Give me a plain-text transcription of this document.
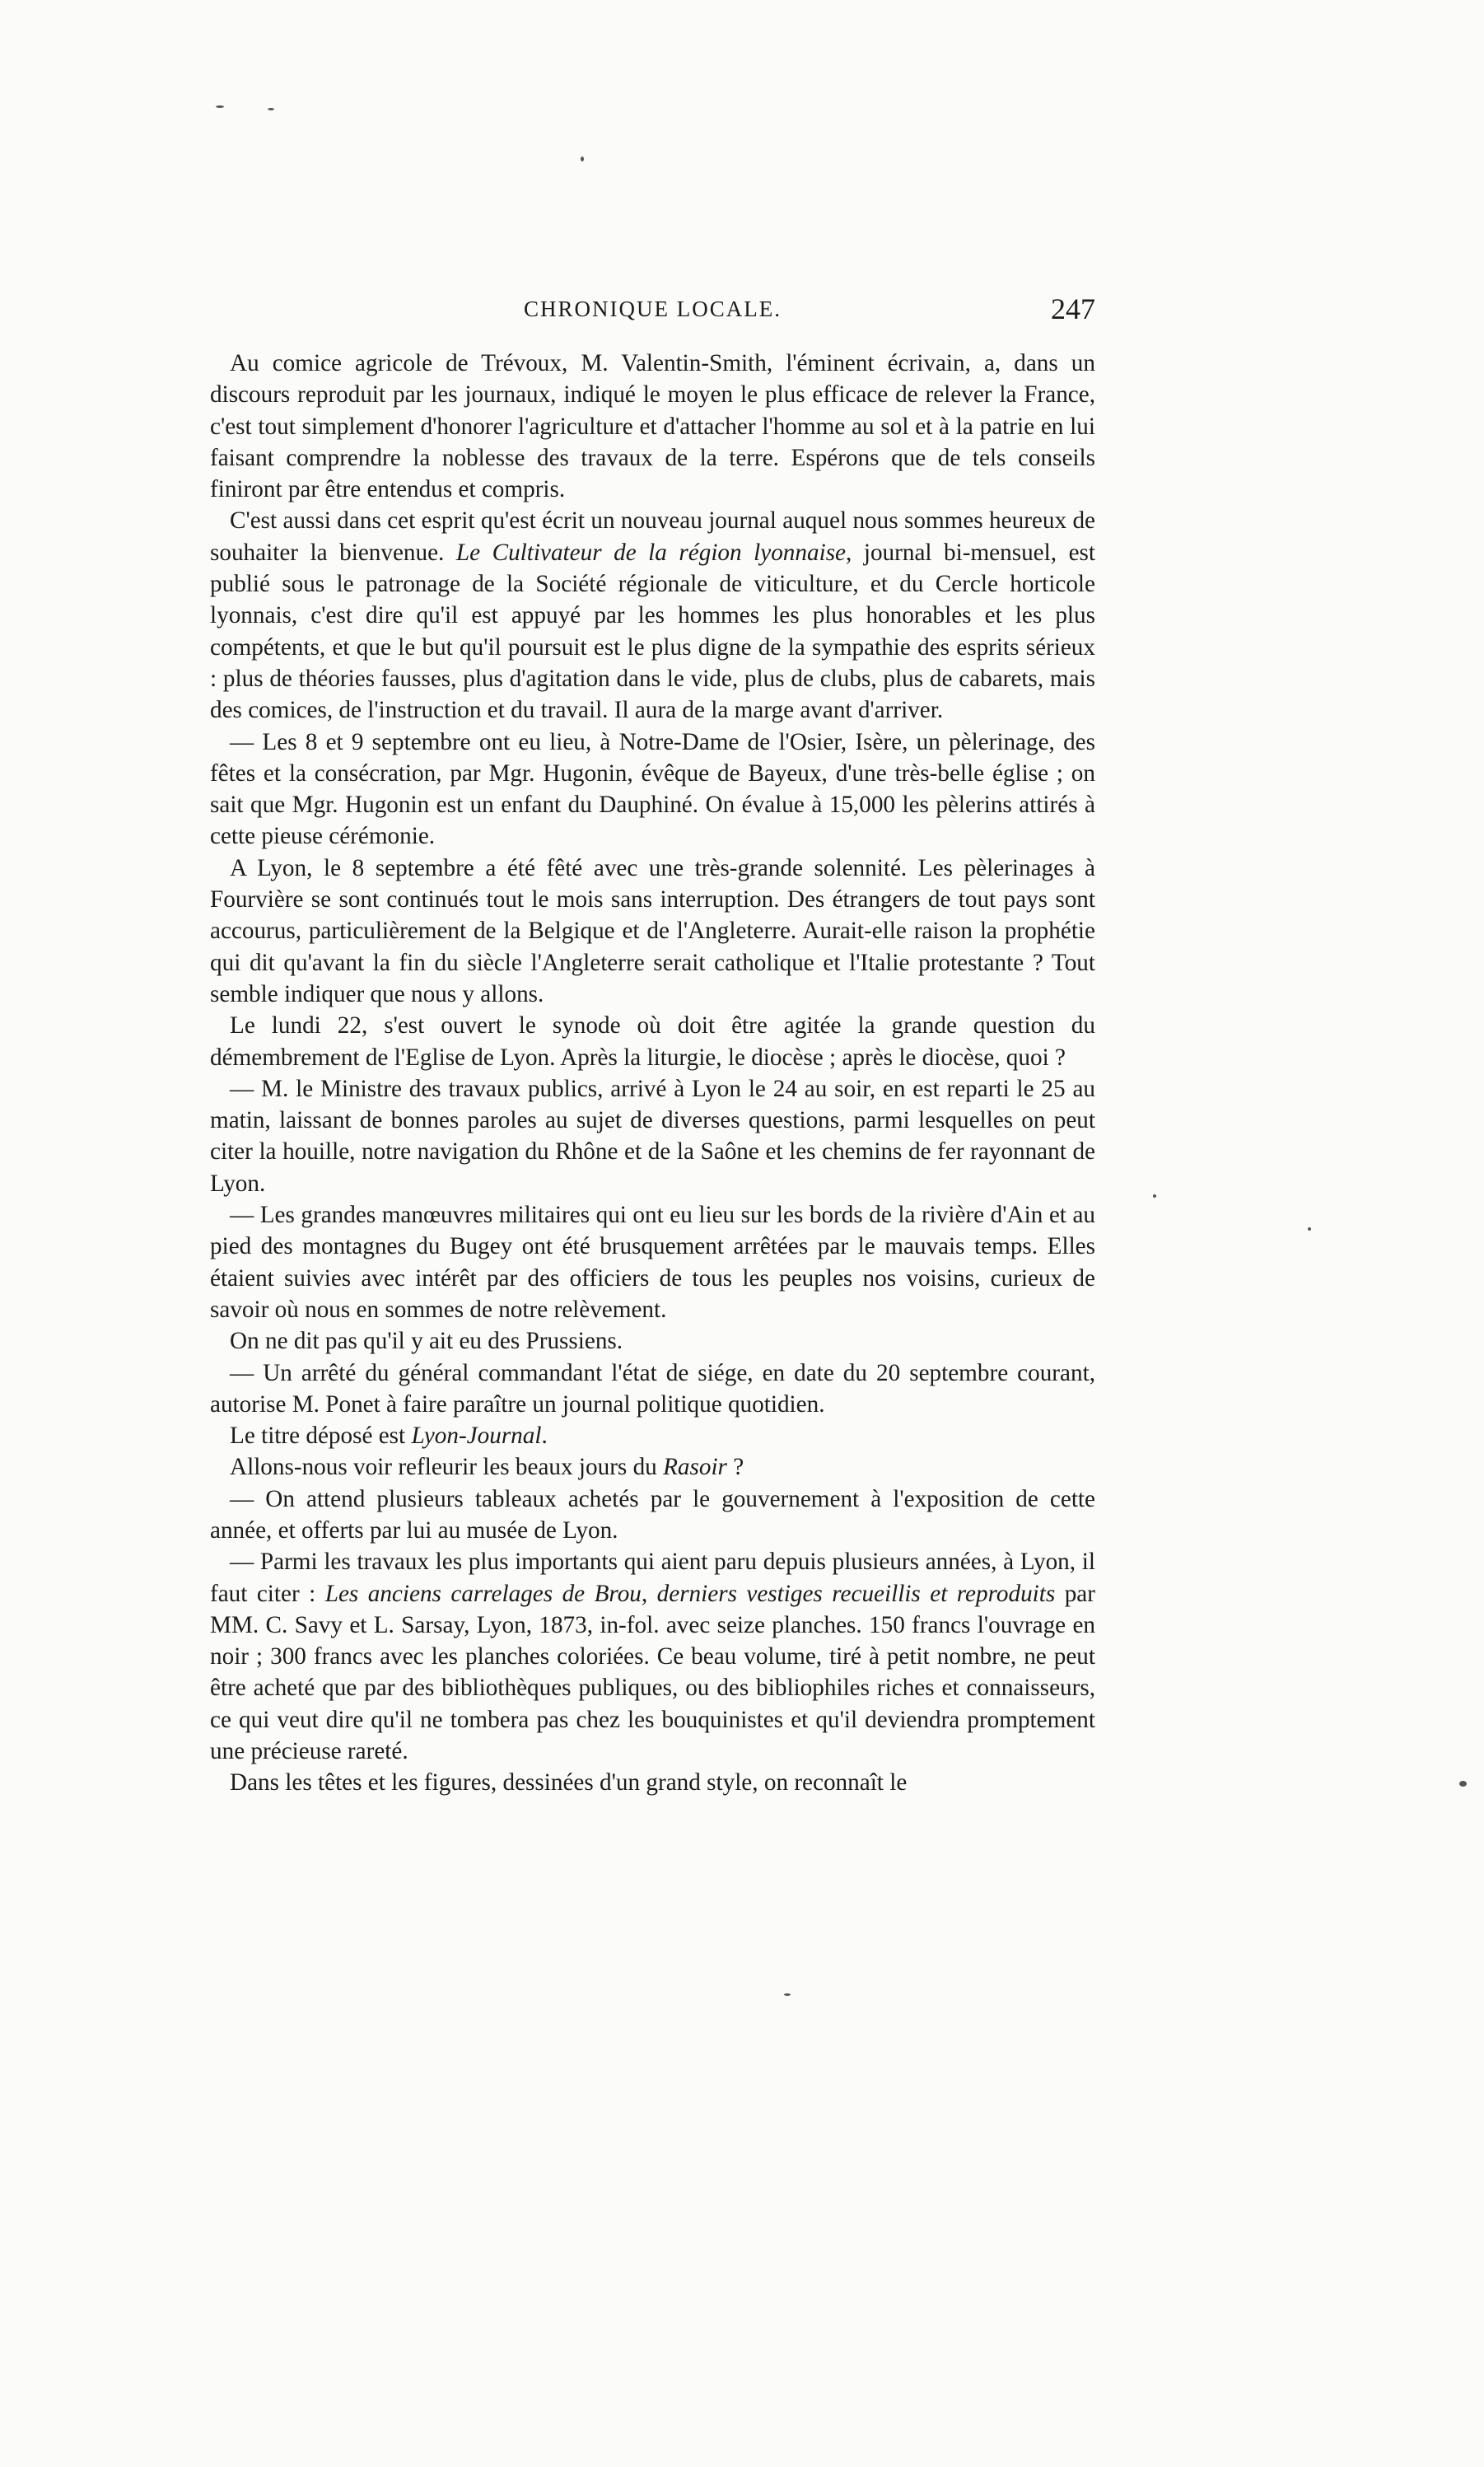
CHRONIQUE LOCALE.	247

Au comice agricole de Trévoux, M. Valentin-Smith, l'éminent écrivain, a, dans un discours reproduit par les journaux, indiqué le moyen le plus efficace de relever la France, c'est tout simplement d'honorer l'agriculture et d'attacher l'homme au sol et à la patrie en lui faisant comprendre la noblesse des travaux de la terre. Espérons que de tels conseils finiront par être entendus et compris.

C'est aussi dans cet esprit qu'est écrit un nouveau journal auquel nous sommes heureux de souhaiter la bienvenue. Le Cultivateur de la région lyonnaise, journal bi-mensuel, est publié sous le patronage de la Société régionale de viticulture, et du Cercle horticole lyonnais, c'est dire qu'il est appuyé par les hommes les plus honorables et les plus compétents, et que le but qu'il poursuit est le plus digne de la sympathie des esprits sérieux : plus de théories fausses, plus d'agitation dans le vide, plus de clubs, plus de cabarets, mais des comices, de l'instruction et du travail. Il aura de la marge avant d'arriver.

— Les 8 et 9 septembre ont eu lieu, à Notre-Dame de l'Osier, Isère, un pèlerinage, des fêtes et la consécration, par Mgr. Hugonin, évêque de Bayeux, d'une très-belle église ; on sait que Mgr. Hugonin est un enfant du Dauphiné. On évalue à 15,000 les pèlerins attirés à cette pieuse cérémonie.

A Lyon, le 8 septembre a été fêté avec une très-grande solennité. Les pèlerinages à Fourvière se sont continués tout le mois sans interruption. Des étrangers de tout pays sont accourus, particulièrement de la Belgique et de l'Angleterre. Aurait-elle raison la prophétie qui dit qu'avant la fin du siècle l'Angleterre serait catholique et l'Italie protestante ? Tout semble indiquer que nous y allons.

Le lundi 22, s'est ouvert le synode où doit être agitée la grande question du démembrement de l'Eglise de Lyon. Après la liturgie, le diocèse ; après le diocèse, quoi ?

— M. le Ministre des travaux publics, arrivé à Lyon le 24 au soir, en est reparti le 25 au matin, laissant de bonnes paroles au sujet de diverses questions, parmi lesquelles on peut citer la houille, notre navigation du Rhône et de la Saône et les chemins de fer rayonnant de Lyon.

— Les grandes manœuvres militaires qui ont eu lieu sur les bords de la rivière d'Ain et au pied des montagnes du Bugey ont été brusquement arrêtées par le mauvais temps. Elles étaient suivies avec intérêt par des officiers de tous les peuples nos voisins, curieux de savoir où nous en sommes de notre relèvement.

On ne dit pas qu'il y ait eu des Prussiens.

— Un arrêté du général commandant l'état de siége, en date du 20 septembre courant, autorise M. Ponet à faire paraître un journal politique quotidien.

Le titre déposé est Lyon-Journal.

Allons-nous voir refleurir les beaux jours du Rasoir ?

— On attend plusieurs tableaux achetés par le gouvernement à l'exposition de cette année, et offerts par lui au musée de Lyon.

— Parmi les travaux les plus importants qui aient paru depuis plusieurs années, à Lyon, il faut citer : Les anciens carrelages de Brou, derniers vestiges recueillis et reproduits par MM. C. Savy et L. Sarsay, Lyon, 1873, in-fol. avec seize planches. 150 francs l'ouvrage en noir ; 300 francs avec les planches coloriées. Ce beau volume, tiré à petit nombre, ne peut être acheté que par des bibliothèques publiques, ou des bibliophiles riches et connaisseurs, ce qui veut dire qu'il ne tombera pas chez les bouquinistes et qu'il deviendra promptement une précieuse rareté.

Dans les têtes et les figures, dessinées d'un grand style, on reconnaît le
